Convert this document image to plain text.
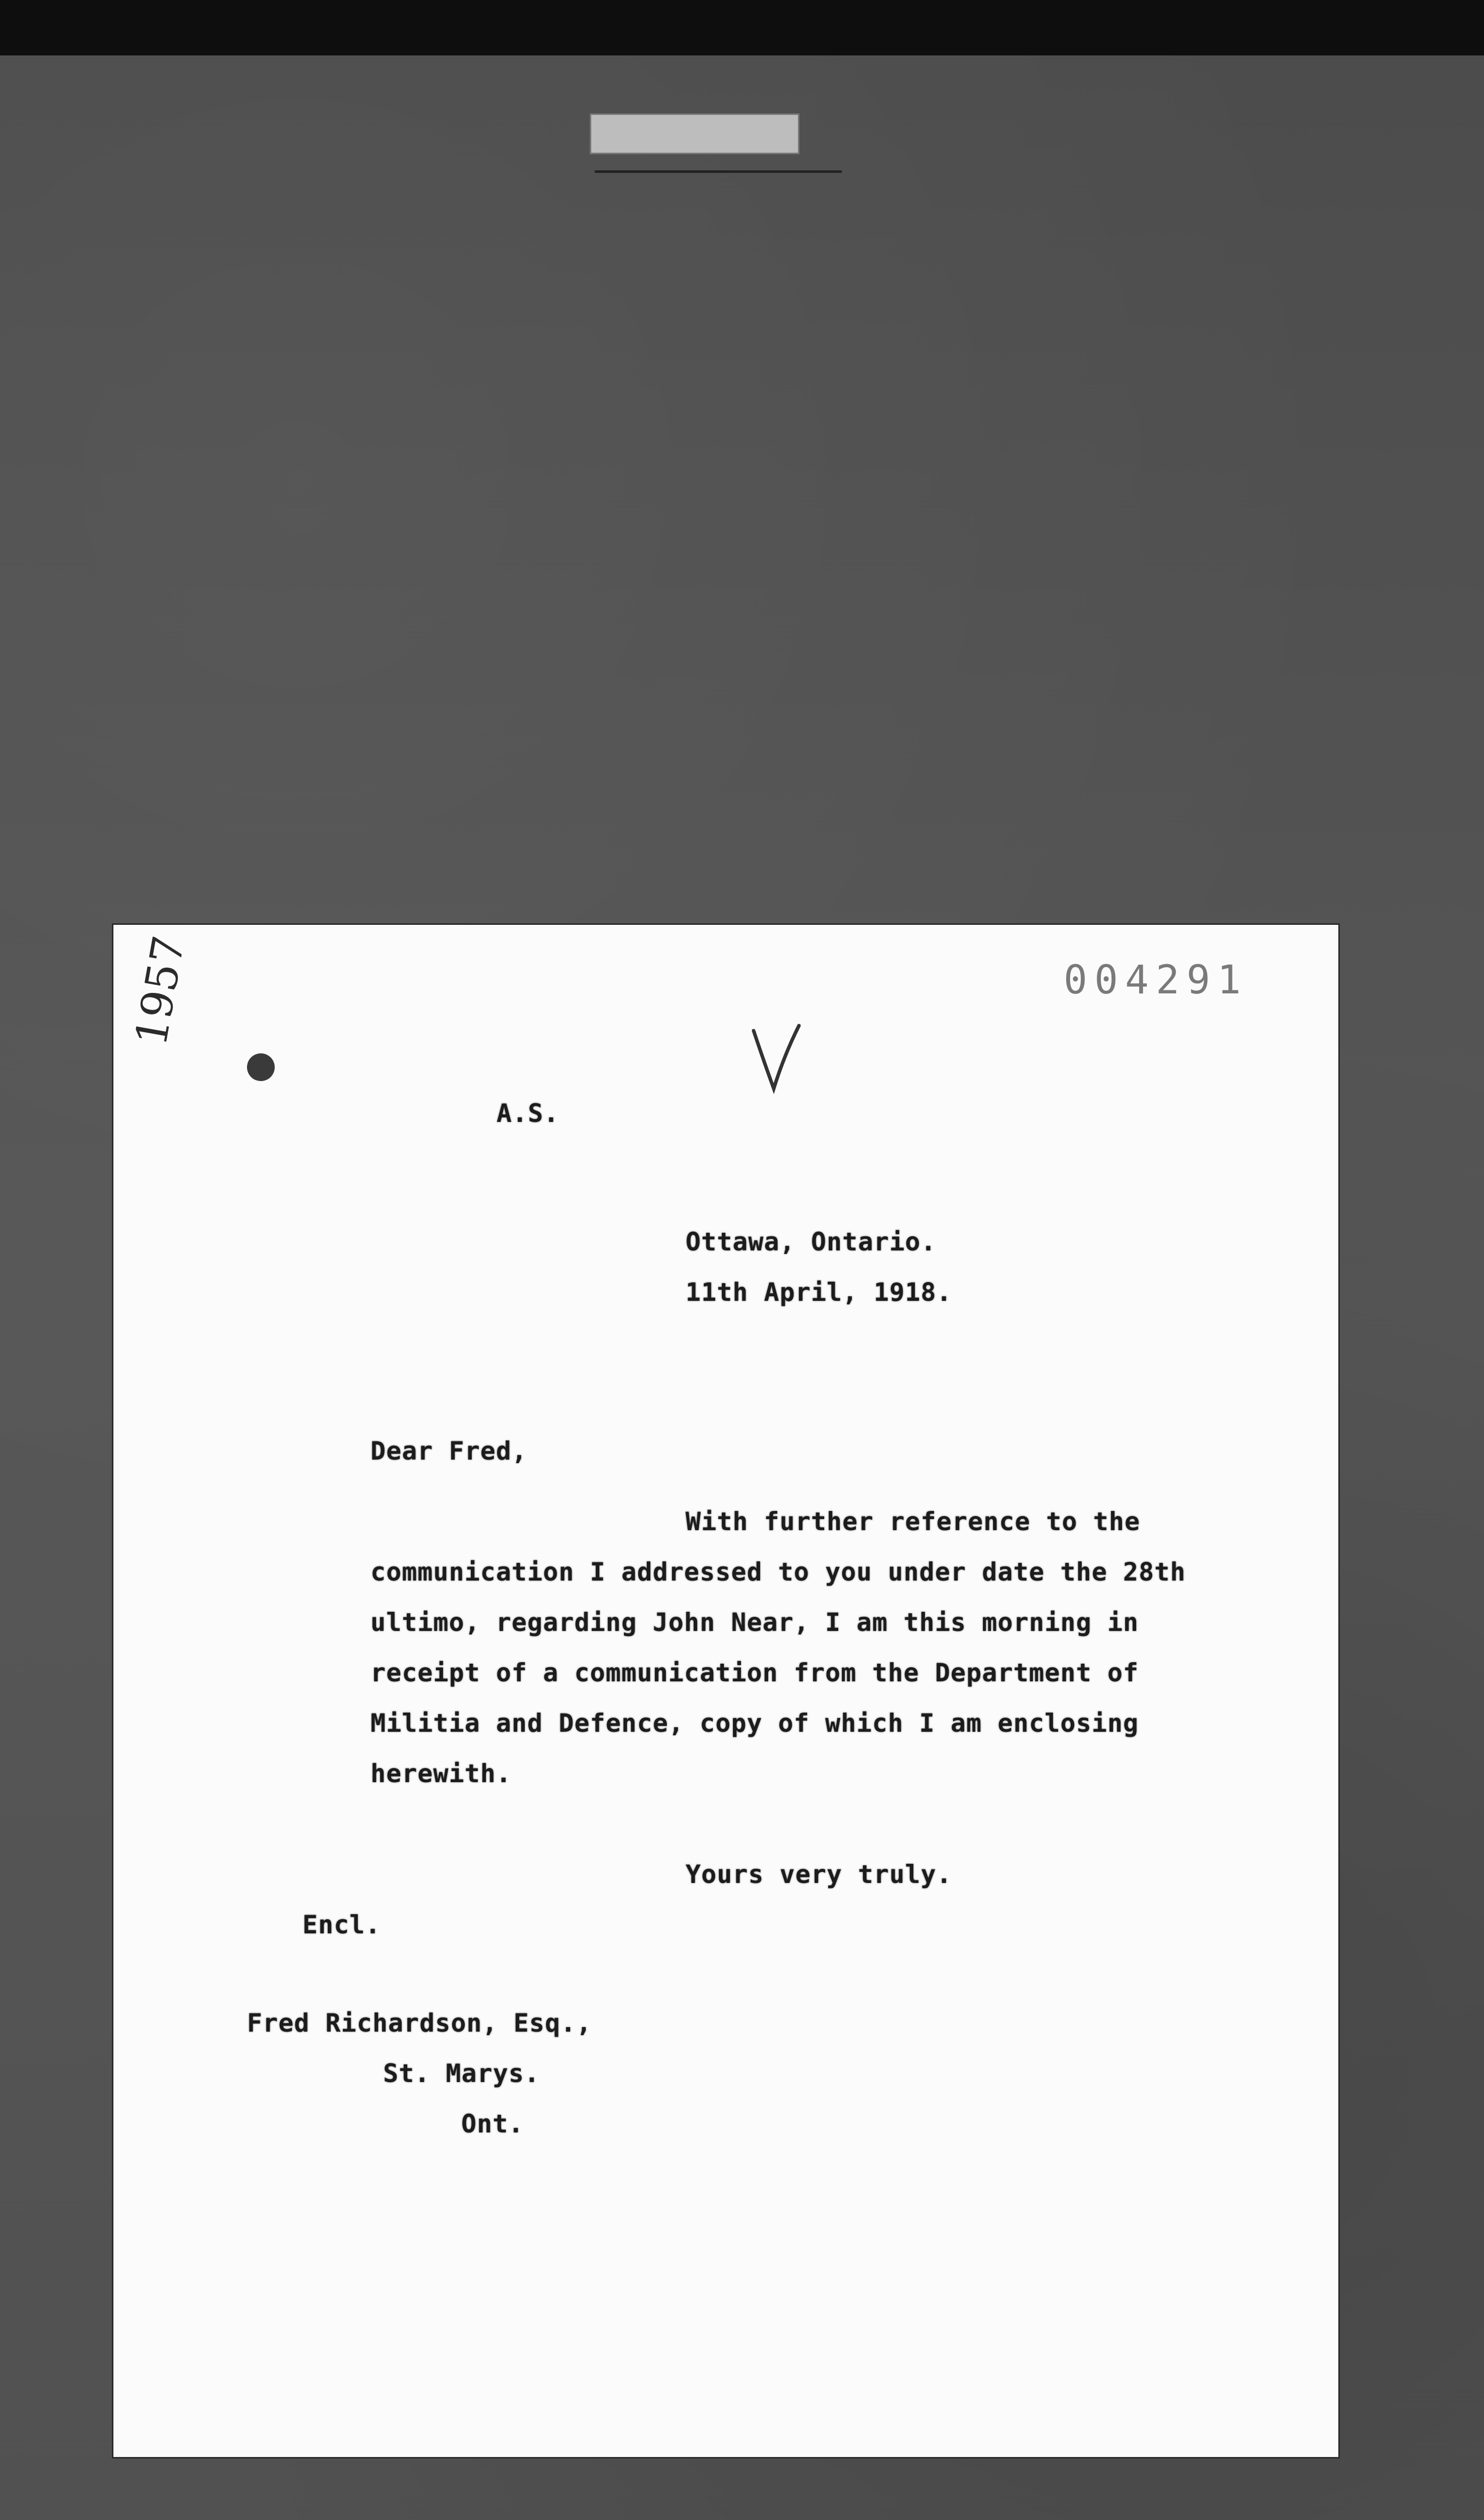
1957	004291
A.S.
Ottawa, Ontario.
11th April, 1918.
Dear Fred,
With further reference to the
communication I addressed to you under date the 28th
ultimo, regarding John Near, I am this morning in
receipt of a communication from the Department of
Militia and Defence, copy of which I am enclosing
herewith.
Yours very truly.
Encl.
Fred Richardson, Esq.,
St. Marys.
Ont.
